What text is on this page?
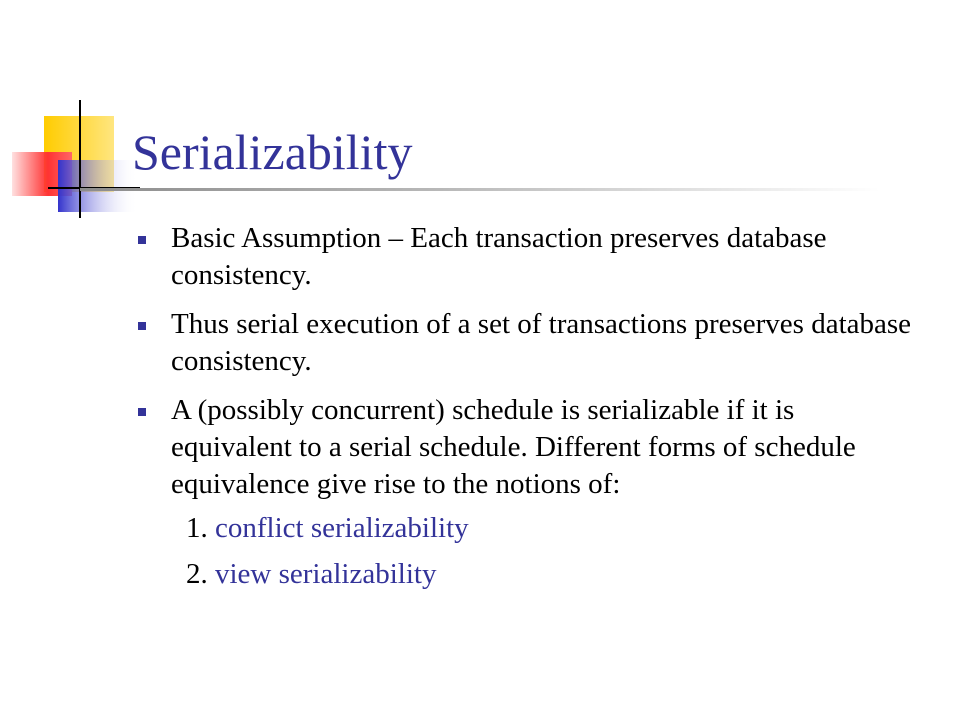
Serializability
Basic Assumption – Each transaction preserves database consistency.
Thus serial execution of a set of transactions preserves database consistency.
A (possibly concurrent) schedule is serializable if it is equivalent to a serial schedule. Different forms of schedule equivalence give rise to the notions of:
1. conflict serializability
2. view serializability
